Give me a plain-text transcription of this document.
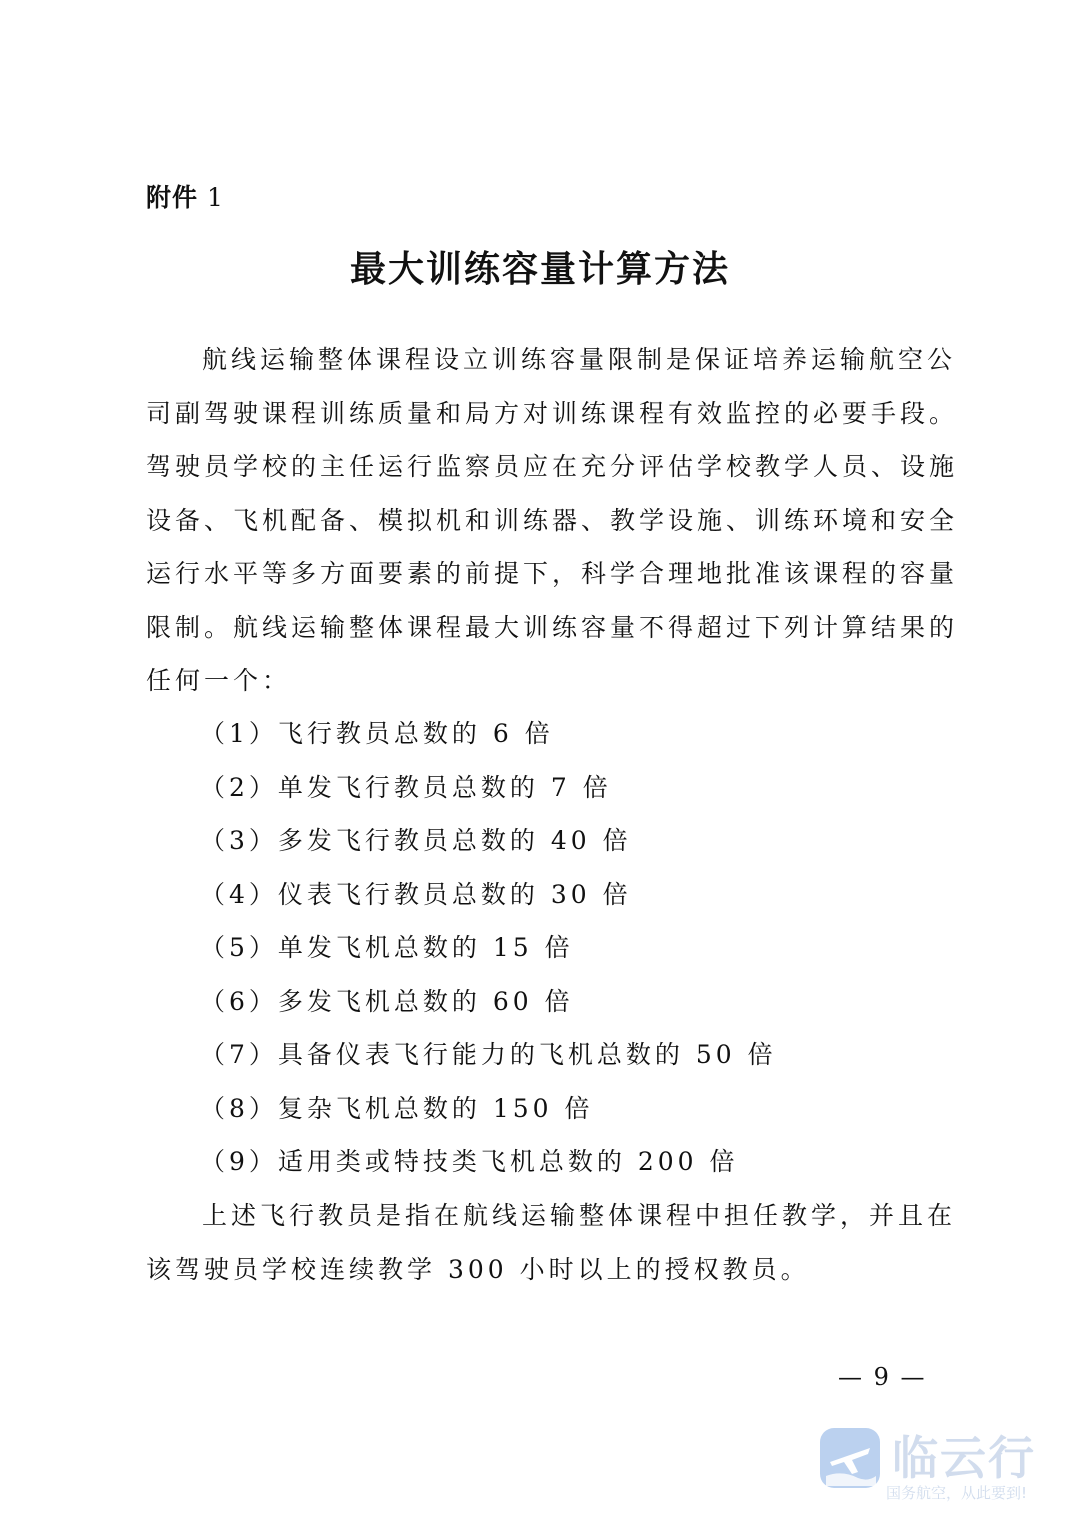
附件 1
最大训练容量计算方法

航线运输整体课程设立训练容量限制是保证培养运输航空公
司副驾驶课程训练质量和局方对训练课程有效监控的必要手段。
驾驶员学校的主任运行监察员应在充分评估学校教学人员、设施
设备、飞机配备、模拟机和训练器、教学设施、训练环境和安全
运行水平等多方面要素的前提下，科学合理地批准该课程的容量
限制。航线运输整体课程最大训练容量不得超过下列计算结果的
任何一个：

（1）飞行教员总数的 6 倍
（2）单发飞行教员总数的 7 倍
（3）多发飞行教员总数的 40 倍
（4）仪表飞行教员总数的 30 倍
（5）单发飞机总数的 15 倍
（6）多发飞机总数的 60 倍
（7）具备仪表飞行能力的飞机总数的 50 倍
（8）复杂飞机总数的 150 倍
（9）适用类或特技类飞机总数的 200 倍

上述飞行教员是指在航线运输整体课程中担任教学，并且在
该驾驶员学校连续教学 300 小时以上的授权教员。

— 9 —
临云行
国务航空，从此要到!
